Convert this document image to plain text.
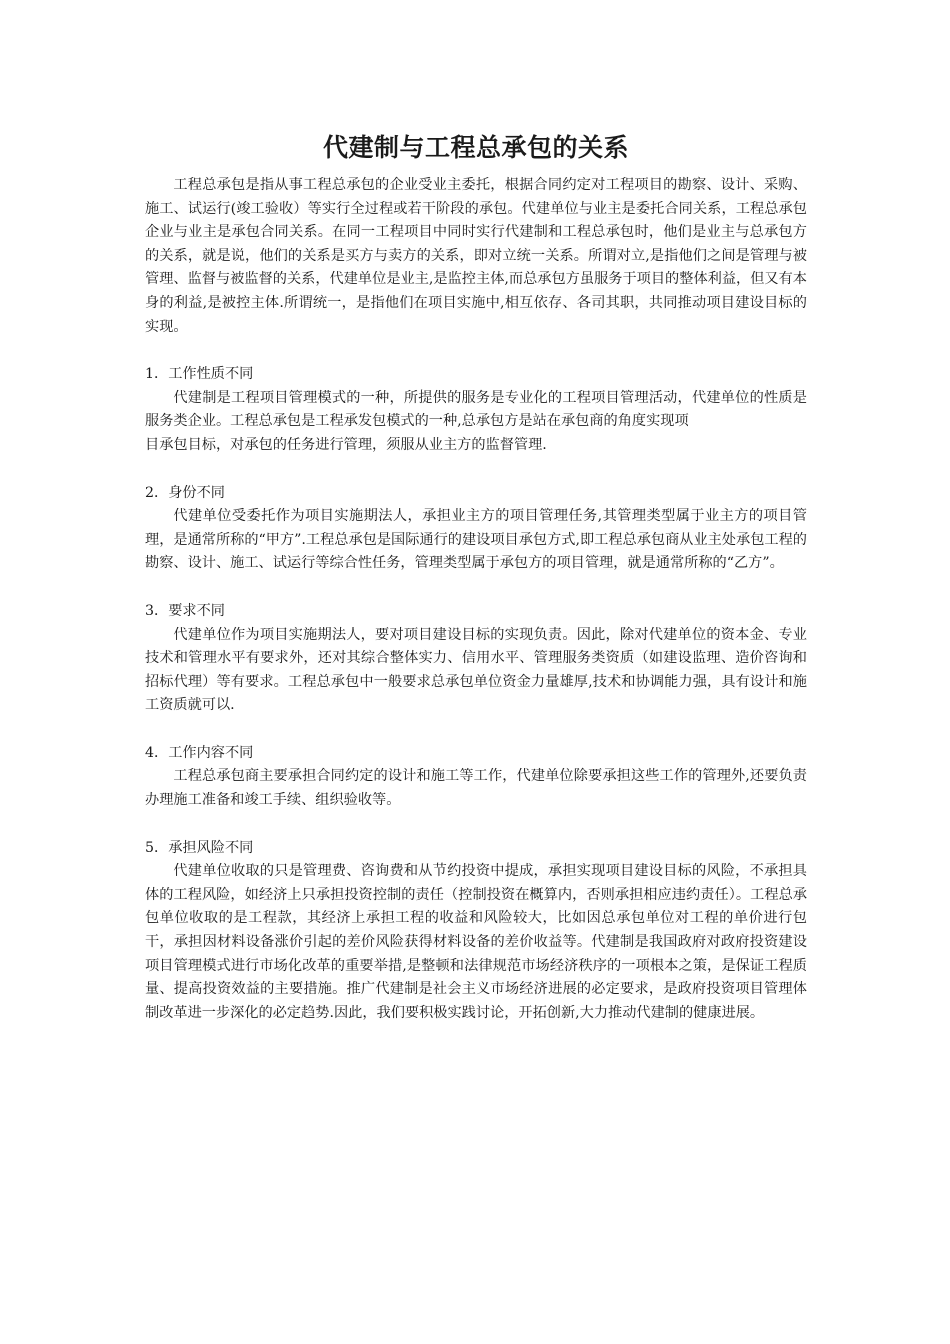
代建制与工程总承包的关系

工程总承包是指从事工程总承包的企业受业主委托，根据合同约定对工程项目的勘察、设计、采购、施工、试运行(竣工验收）等实行全过程或若干阶段的承包。代建单位与业主是委托合同关系，工程总承包企业与业主是承包合同关系。在同一工程项目中同时实行代建制和工程总承包时，他们是业主与总承包方的关系，就是说，他们的关系是买方与卖方的关系，即对立统一关系。所谓对立,是指他们之间是管理与被管理、监督与被监督的关系，代建单位是业主,是监控主体,而总承包方虽服务于项目的整体利益，但又有本身的利益,是被控主体.所谓统一，是指他们在项目实施中,相互依存、各司其职，共同推动项目建设目标的实现。

1．工作性质不同

代建制是工程项目管理模式的一种，所提供的服务是专业化的工程项目管理活动，代建单位的性质是服务类企业。工程总承包是工程承发包模式的一种,总承包方是站在承包商的角度实现项

目承包目标，对承包的任务进行管理，须服从业主方的监督管理.

2．身份不同

代建单位受委托作为项目实施期法人，承担业主方的项目管理任务,其管理类型属于业主方的项目管理，是通常所称的“甲方”.工程总承包是国际通行的建设项目承包方式,即工程总承包商从业主处承包工程的勘察、设计、施工、试运行等综合性任务，管理类型属于承包方的项目管理，就是通常所称的“乙方”。

3．要求不同

代建单位作为项目实施期法人，要对项目建设目标的实现负责。因此，除对代建单位的资本金、专业技术和管理水平有要求外，还对其综合整体实力、信用水平、管理服务类资质（如建设监理、造价咨询和招标代理）等有要求。工程总承包中一般要求总承包单位资金力量雄厚,技术和协调能力强，具有设计和施工资质就可以.

4．工作内容不同

工程总承包商主要承担合同约定的设计和施工等工作，代建单位除要承担这些工作的管理外,还要负责办理施工准备和竣工手续、组织验收等。

5．承担风险不同

代建单位收取的只是管理费、咨询费和从节约投资中提成，承担实现项目建设目标的风险，不承担具体的工程风险，如经济上只承担投资控制的责任（控制投资在概算内，否则承担相应违约责任）。工程总承包单位收取的是工程款，其经济上承担工程的收益和风险较大，比如因总承包单位对工程的单价进行包干，承担因材料设备涨价引起的差价风险获得材料设备的差价收益等。代建制是我国政府对政府投资建设项目管理模式进行市场化改革的重要举措,是整顿和法律规范市场经济秩序的一项根本之策，是保证工程质量、提高投资效益的主要措施。推广代建制是社会主义市场经济进展的必定要求，是政府投资项目管理体制改革进一步深化的必定趋势.因此，我们要积极实践讨论，开拓创新,大力推动代建制的健康进展。
